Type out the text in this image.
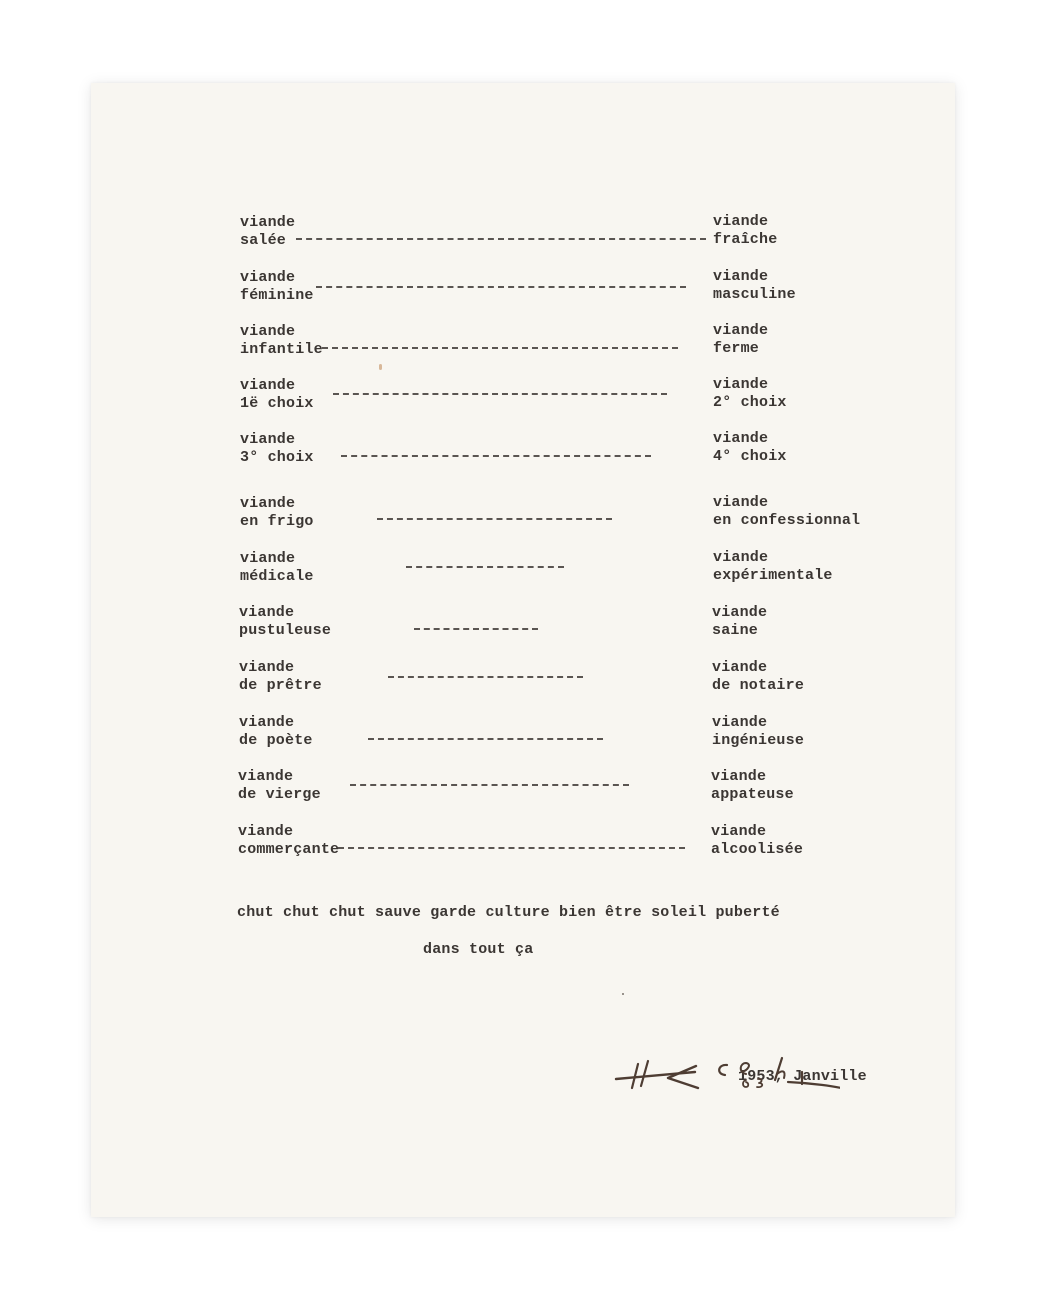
viande
salée
viande
fraîche
viande
féminine
viande
masculine
viande
infantile
viande
ferme
viande
1ë choix
viande
2° choix
viande
3° choix
viande
4° choix
viande
en frigo
viande
en confessionnal
viande
médicale
viande
expérimentale
viande
pustuleuse
viande
saine
viande
de prêtre
viande
de notaire
viande
de poète
viande
ingénieuse
viande
de vierge
viande
appateuse
viande
commerçante
viande
alcoolisée
chut chut chut sauve garde culture bien être soleil puberté
dans tout ça
1953, Janville
